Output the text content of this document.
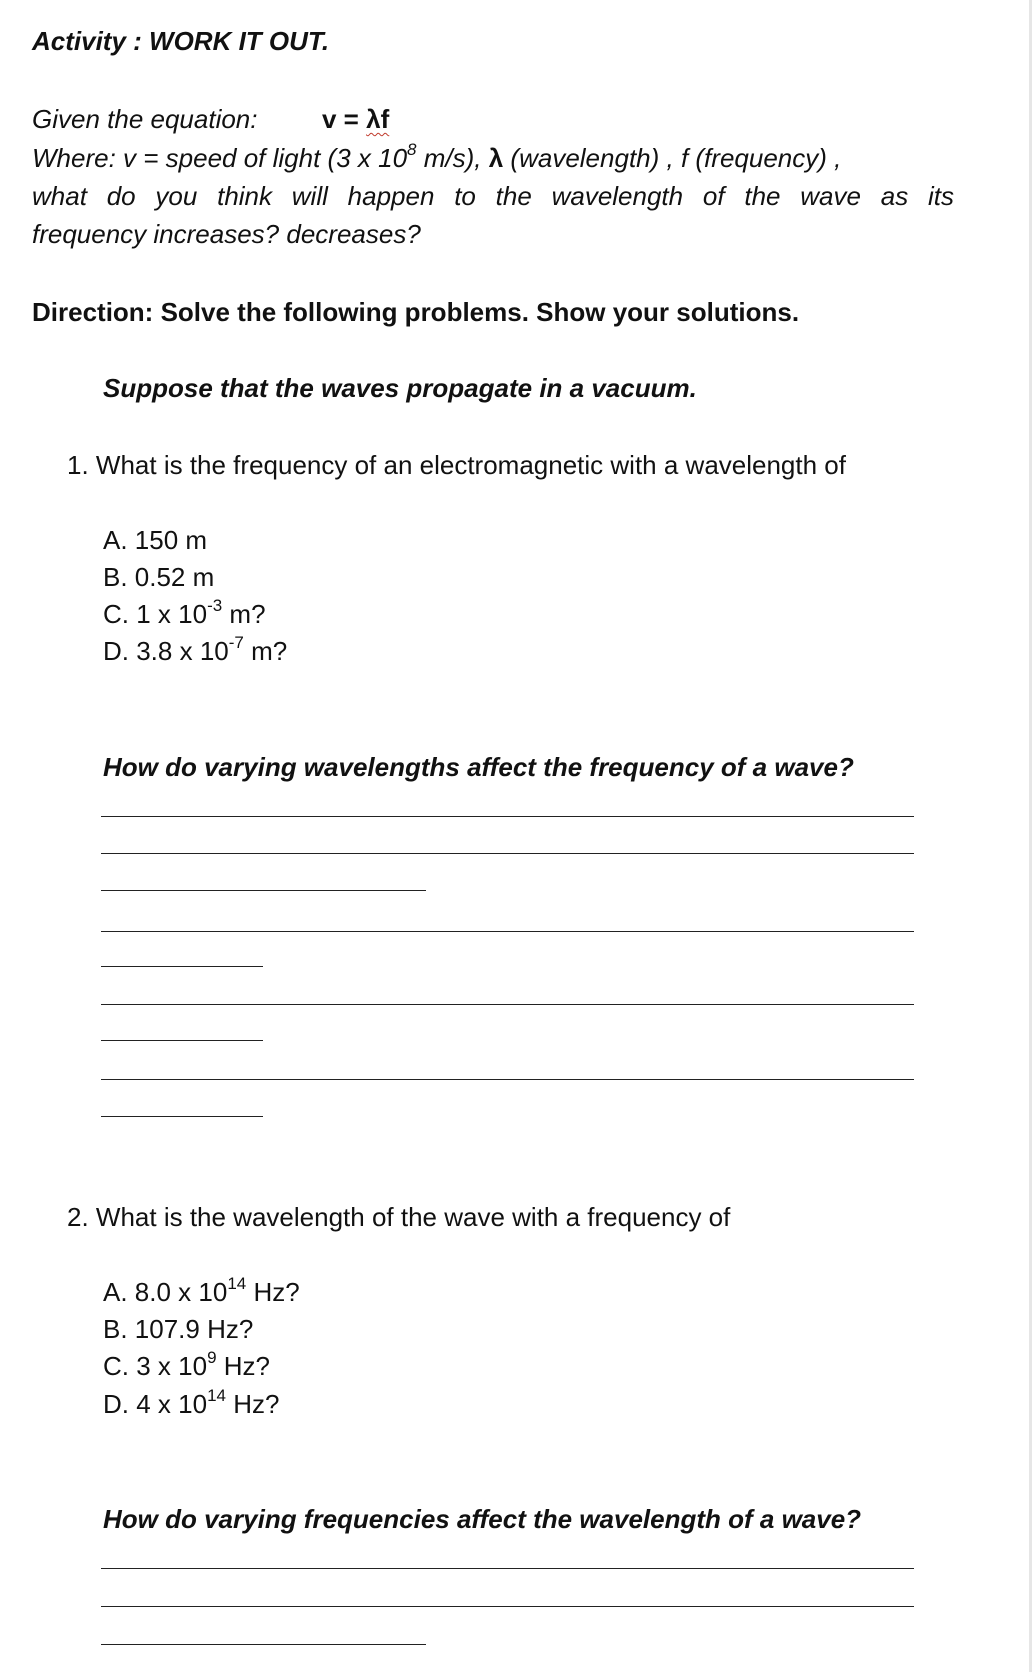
Activity : WORK IT OUT.
Given the equation: v = λf
Where: v = speed of light (3 x $10^8$ m/s), λ (wavelength) , f (frequency) ,
what do you think will happen to the wavelength of the wave as its
frequency increases? decreases?
Direction: Solve the following problems. Show your solutions.
Suppose that the waves propagate in a vacuum.
1. What is the frequency of an electromagnetic with a wavelength of
A. 150 m
B. 0.52 m
C. 1 x $10^{-3}$ m?
D. 3.8 x $10^{-7}$ m?
How do varying wavelengths affect the frequency of a wave?
2. What is the wavelength of the wave with a frequency of
A. 8.0 x $10^{14}$ Hz?
B. 107.9 Hz?
C. 3 x $10^9$ Hz?
D. 4 x $10^{14}$ Hz?
How do varying frequencies affect the wavelength of a wave?
